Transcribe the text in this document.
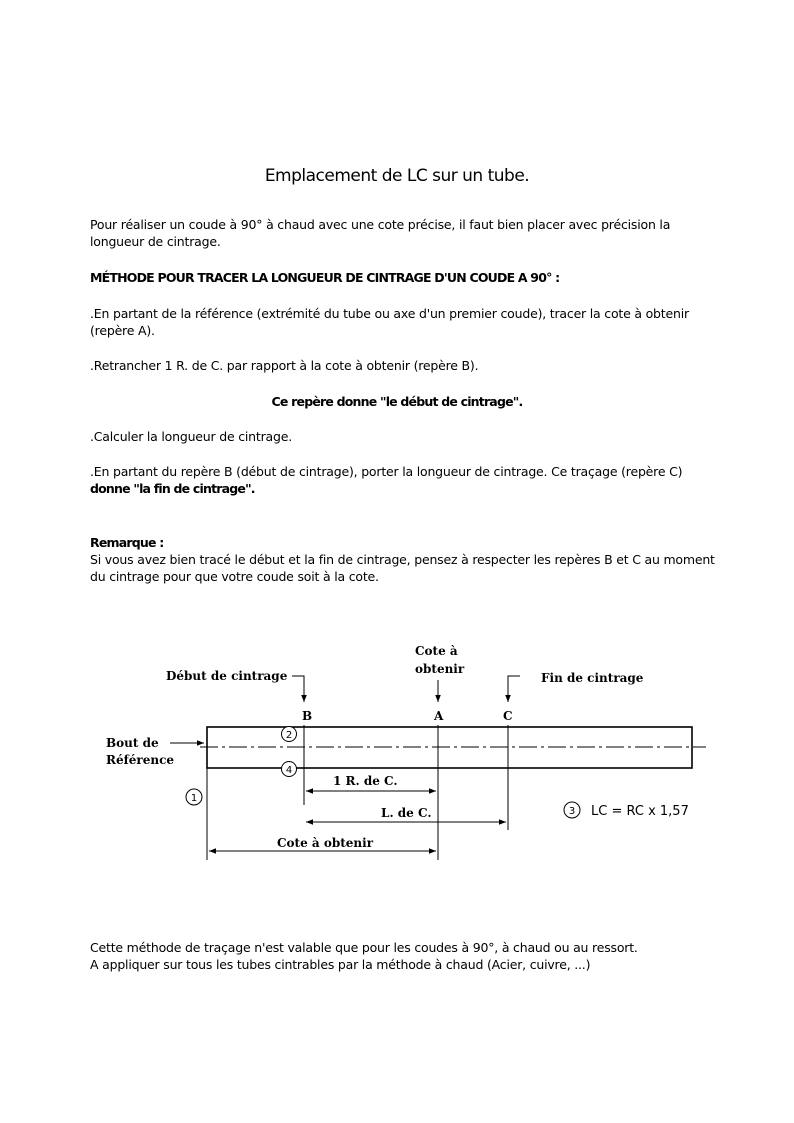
Emplacement de LC sur un tube.
Pour réaliser un coude à 90° à chaud avec une cote précise, il faut bien placer avec précision la longueur de cintrage.
MÉTHODE POUR TRACER LA LONGUEUR DE CINTRAGE D'UN COUDE A 90° :
.En partant de la référence (extrémité du tube ou axe d'un premier coude), tracer la cote à obtenir (repère A).
.Retrancher 1 R. de C. par rapport à la cote à obtenir (repère B).
Ce repère donne "le début de cintrage".
.Calculer la longueur de cintrage.
.En partant du repère B (début de cintrage), porter la longueur de cintrage. Ce traçage (repère C) donne "la fin de cintrage".
Remarque :
Si vous avez bien tracé le début et la fin de cintrage, pensez à respecter les repères B et C au moment du cintrage pour que votre coude soit à la cote.
Début de cintrage
B
Cote à
obtenir
A
Fin de cintrage
C
Bout de
Référence
2
4
1
3 LC = RC x 1,57
1 R. de C.
L. de C.
Cote à obtenir
Cette méthode de traçage n'est valable que pour les coudes à 90°, à chaud ou au ressort.
A appliquer sur tous les tubes cintrables par la méthode à chaud (Acier, cuivre, ...)
